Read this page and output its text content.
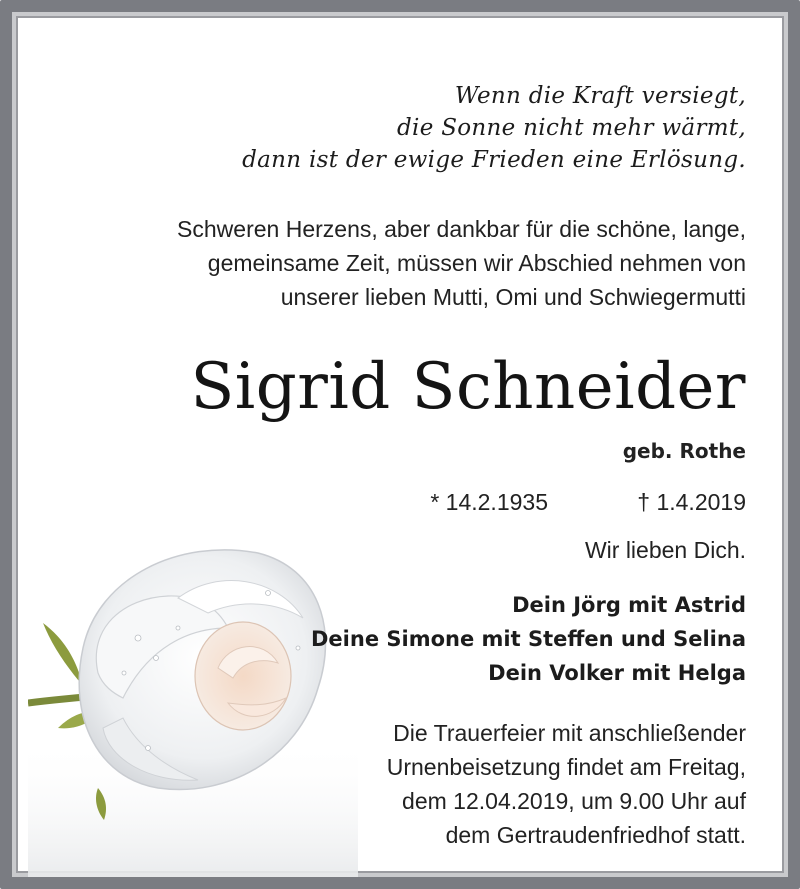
Wenn die Kraft versiegt,
die Sonne nicht mehr wärmt,
dann ist der ewige Frieden eine Erlösung.
Schweren Herzens, aber dankbar für die schöne, lange,
gemeinsame Zeit, müssen wir Abschied nehmen von
unserer lieben Mutti, Omi und Schwiegermutti
Sigrid Schneider
geb. Rothe
* 14.2.1935	† 1.4.2019
Wir lieben Dich.
Dein Jörg mit Astrid
Deine Simone mit Steffen und Selina
Dein Volker mit Helga
Die Trauerfeier mit anschließender
Urnenbeisetzung findet am Freitag,
dem 12.04.2019, um 9.00 Uhr auf
dem Gertraudenfriedhof statt.
